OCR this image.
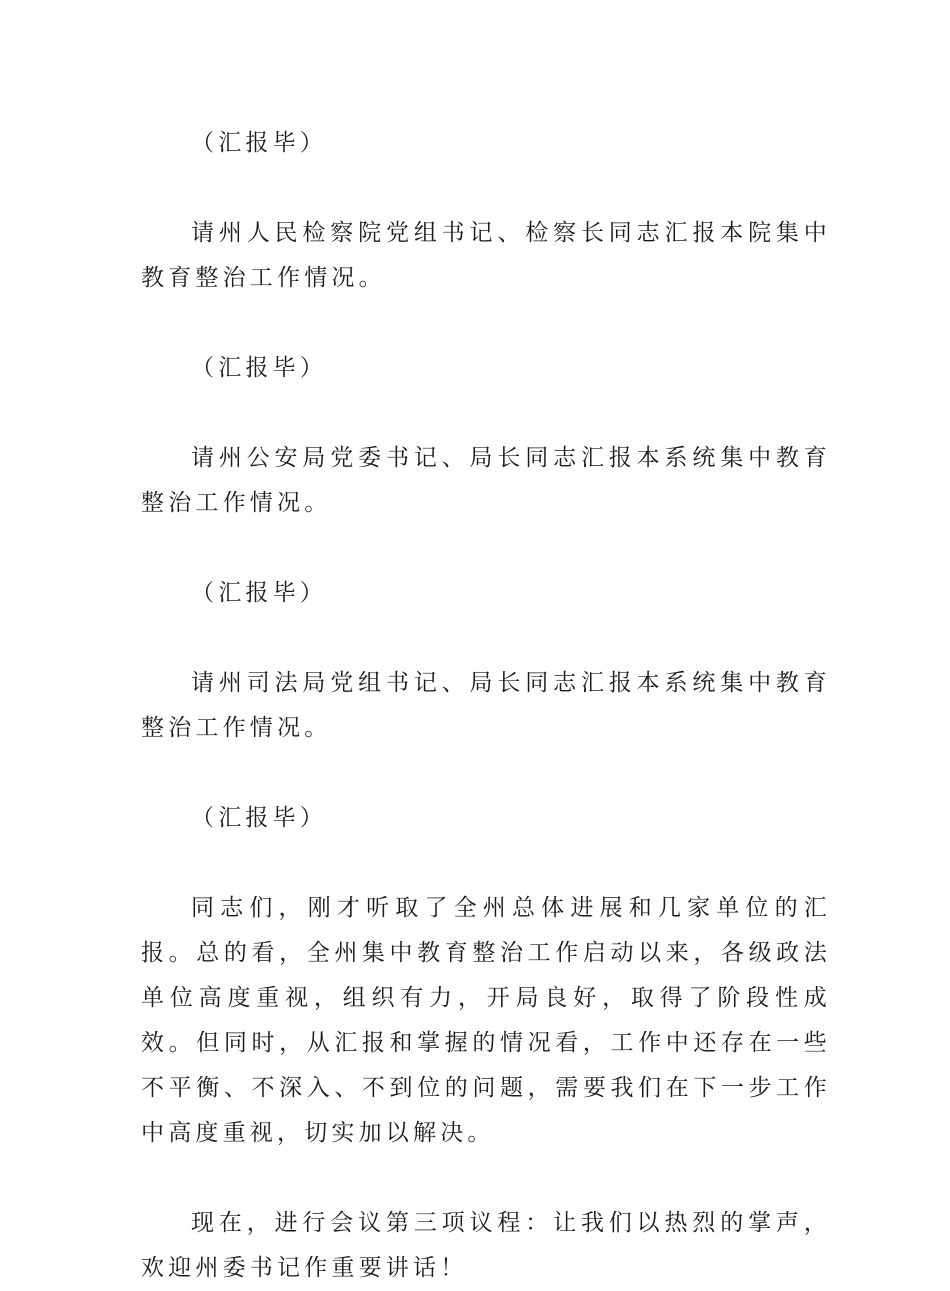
（汇报毕）

请州人民检察院党组书记、检察长同志汇报本院集中教育整治工作情况。

（汇报毕）

请州公安局党委书记、局长同志汇报本系统集中教育整治工作情况。

（汇报毕）

请州司法局党组书记、局长同志汇报本系统集中教育整治工作情况。

（汇报毕）

同志们，刚才听取了全州总体进展和几家单位的汇报。总的看，全州集中教育整治工作启动以来，各级政法单位高度重视，组织有力，开局良好，取得了阶段性成效。但同时，从汇报和掌握的情况看，工作中还存在一些不平衡、不深入、不到位的问题，需要我们在下一步工作中高度重视，切实加以解决。

现在，进行会议第三项议程：让我们以热烈的掌声，欢迎州委书记作重要讲话！
